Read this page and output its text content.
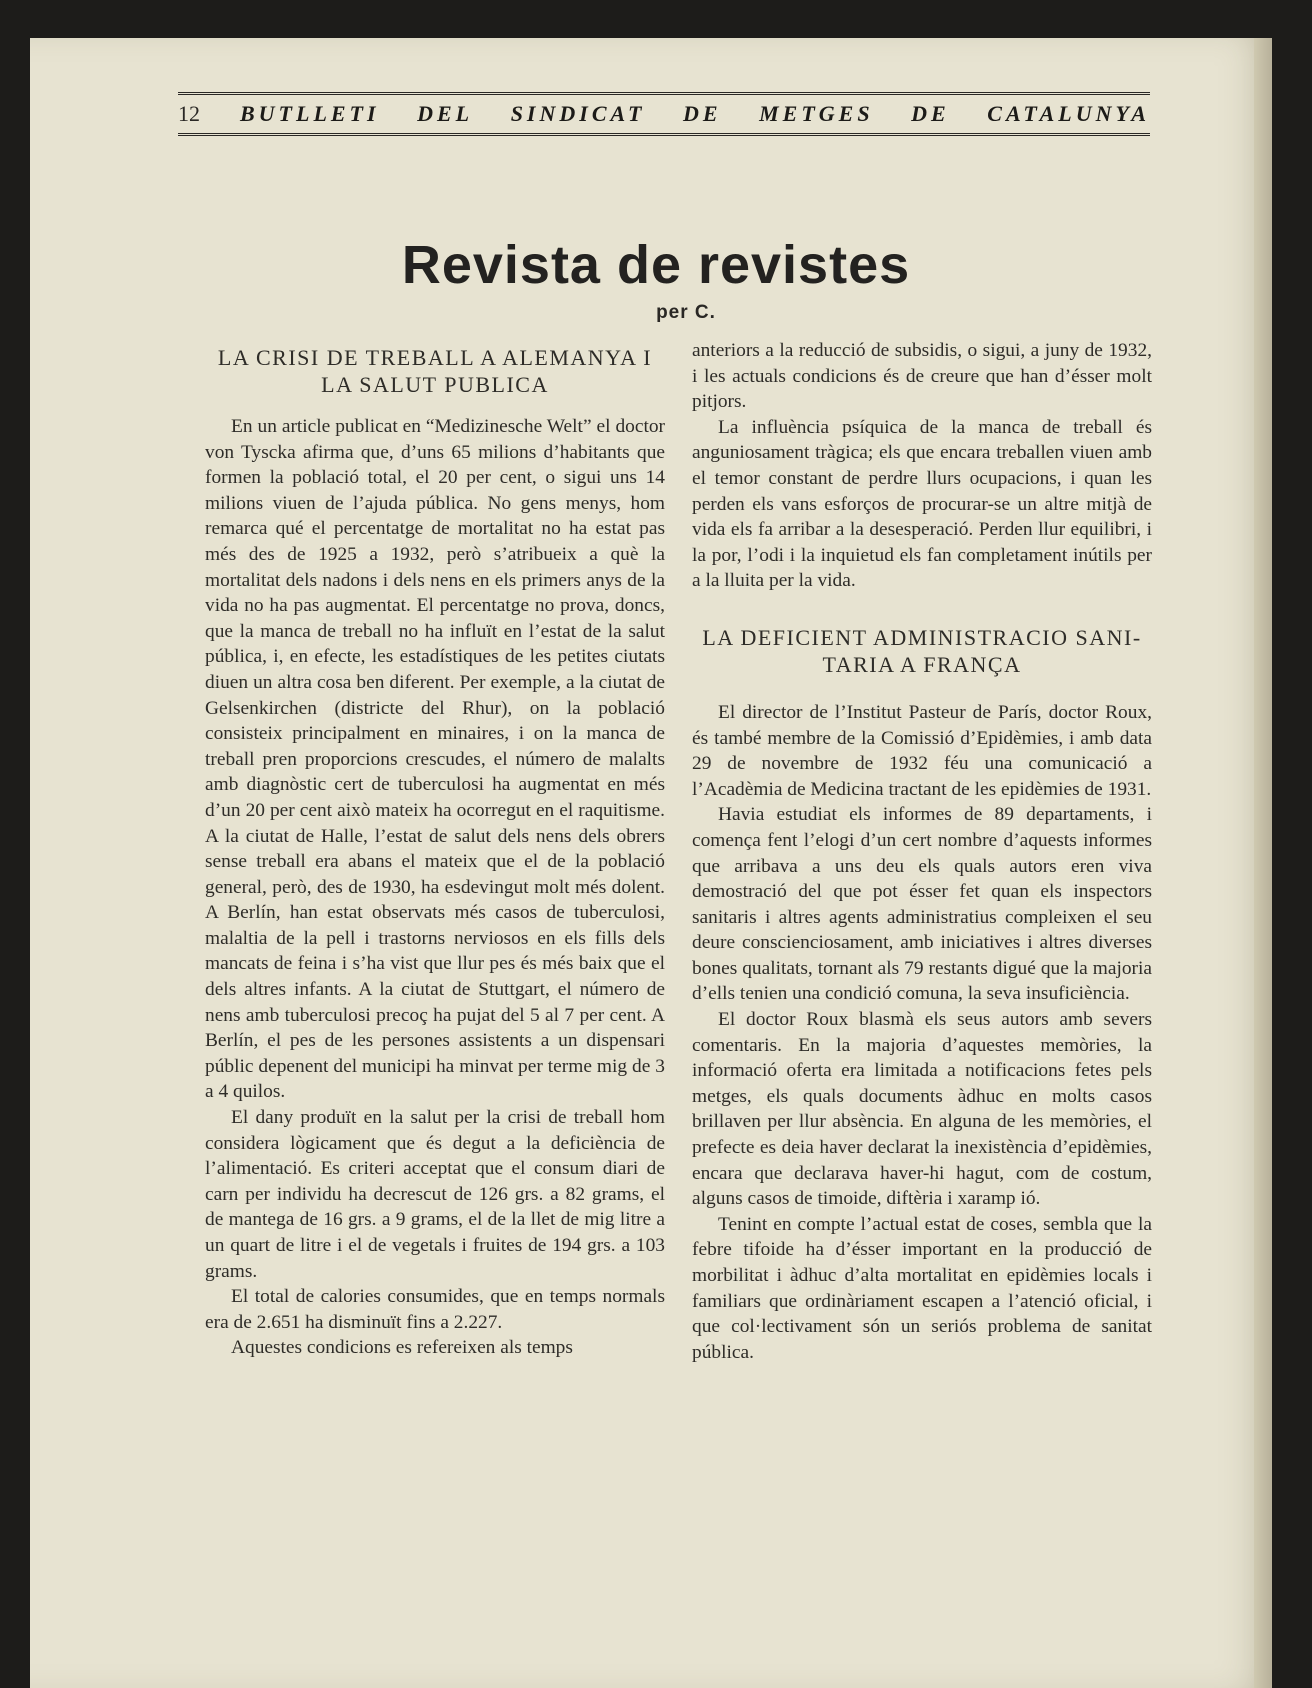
12 BUTLLETI DEL SINDICAT DE METGES DE CATALUNYA
Revista de revistes
per C.
LA CRISI DE TREBALL A ALEMANYA I
LA SALUT PUBLICA

En un article publicat en “Medizinesche Welt” el doctor von Tyscka afirma que, d’uns 65 milions d’habitants que formen la població total, el 20 per cent, o sigui uns 14 milions viuen de l’ajuda pública. No gens menys, hom remarca qué el percentatge de mortalitat no ha estat pas més des de 1925 a 1932, però s’atribueix a què la mortalitat dels nadons i dels nens en els primers anys de la vida no ha pas augmentat. El percentatge no prova, doncs, que la manca de treball no ha influït en l’estat de la salut pública, i, en efecte, les estadístiques de les petites ciutats diuen un altra cosa ben diferent. Per exemple, a la ciutat de Gelsenkirchen (districte del Rhur), on la població consisteix principalment en minaires, i on la manca de treball pren proporcions crescudes, el número de malalts amb diagnòstic cert de tuberculosi ha augmentat en més d’un 20 per cent això mateix ha ocorregut en el raquitisme. A la ciutat de Halle, l’estat de salut dels nens dels obrers sense treball era abans el mateix que el de la població general, però, des de 1930, ha esdevingut molt més dolent. A Berlín, han estat observats més casos de tuberculosi, malaltia de la pell i trastorns nerviosos en els fills dels mancats de feina i s’ha vist que llur pes és més baix que el dels altres infants. A la ciutat de Stuttgart, el número de nens amb tuberculosi precoç ha pujat del 5 al 7 per cent. A Berlín, el pes de les persones assistents a un dispensari públic depenent del municipi ha minvat per terme mig de 3 a 4 quilos.

El dany produït en la salut per la crisi de treball hom considera lògicament que és degut a la deficiència de l’alimentació. Es criteri acceptat que el consum diari de carn per individu ha decrescut de 126 grs. a 82 grams, el de mantega de 16 grs. a 9 grams, el de la llet de mig litre a un quart de litre i el de vegetals i fruites de 194 grs. a 103 grams.

El total de calories consumides, que en temps normals era de 2.651 ha disminuït fins a 2.227.

Aquestes condicions es refereixen als temps

anteriors a la reducció de subsidis, o sigui, a juny de 1932, i les actuals condicions és de creure que han d’ésser molt pitjors.

La influència psíquica de la manca de treball és anguniosament tràgica; els que encara treballen viuen amb el temor constant de perdre llurs ocupacions, i quan les perden els vans esforços de procurar-se un altre mitjà de vida els fa arribar a la desesperació. Perden llur equilibri, i la por, l’odi i la inquietud els fan completament inútils per a la lluita per la vida.

LA DEFICIENT ADMINISTRACIO SANI-
TARIA A FRANÇA

El director de l’Institut Pasteur de París, doctor Roux, és també membre de la Comissió d’Epidèmies, i amb data 29 de novembre de 1932 féu una comunicació a l’Acadèmia de Medicina tractant de les epidèmies de 1931.

Havia estudiat els informes de 89 departaments, i comença fent l’elogi d’un cert nombre d’aquests informes que arribava a uns deu els quals autors eren viva demostració del que pot ésser fet quan els inspectors sanitaris i altres agents administratius compleixen el seu deure conscienciosament, amb iniciatives i altres diverses bones qualitats, tornant als 79 restants digué que la majoria d’ells tenien una condició comuna, la seva insuficiència.

El doctor Roux blasmà els seus autors amb severs comentaris. En la majoria d’aquestes memòries, la informació oferta era limitada a notificacions fetes pels metges, els quals documents àdhuc en molts casos brillaven per llur absència. En alguna de les memòries, el prefecte es deia haver declarat la inexistència d’epidèmies, encara que declarava haver-hi hagut, com de costum, alguns casos de timoide, diftèria i xaramp ió.

Tenint en compte l’actual estat de coses, sembla que la febre tifoide ha d’ésser important en la producció de morbilitat i àdhuc d’alta mortalitat en epidèmies locals i familiars que ordinàriament escapen a l’atenció oficial, i que col·lectivament són un seriós problema de sanitat pública.
